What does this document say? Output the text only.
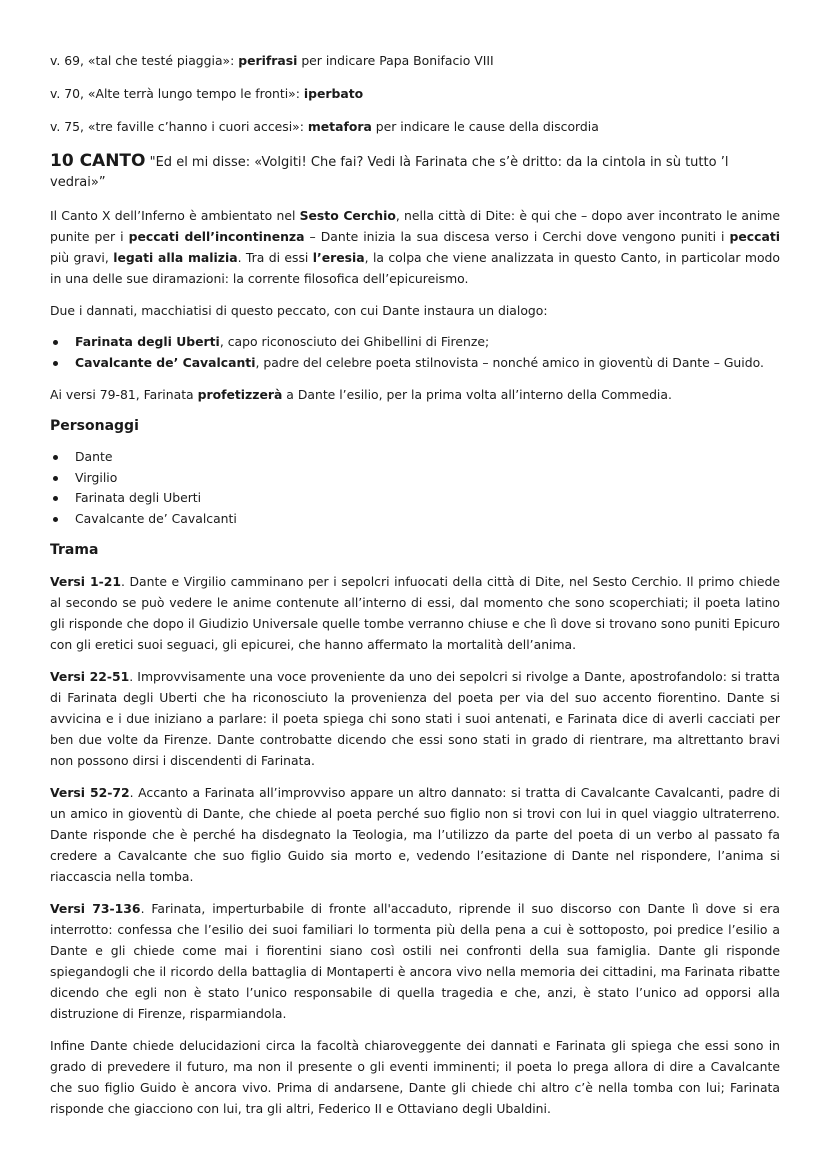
v. 69, «tal che testé piaggia»: perifrasi per indicare Papa Bonifacio VIII

v. 70, «Alte terrà lungo tempo le fronti»: iperbato

v. 75, «tre faville c’hanno i cuori accesi»: metafora per indicare le cause della discordia

10 CANTO "Ed el mi disse: «Volgiti! Che fai? Vedi là Farinata che s’è dritto: da la cintola in sù tutto ’l vedrai»”

Il Canto X dell’Inferno è ambientato nel Sesto Cerchio, nella città di Dite: è qui che – dopo aver incontrato le anime punite per i peccati dell’incontinenza – Dante inizia la sua discesa verso i Cerchi dove vengono puniti i peccati più gravi, legati alla malizia. Tra di essi l’eresia, la colpa che viene analizzata in questo Canto, in particolar modo in una delle sue diramazioni: la corrente filosofica dell’epicureismo.

Due i dannati, macchiatisi di questo peccato, con cui Dante instaura un dialogo:

Farinata degli Uberti, capo riconosciuto dei Ghibellini di Firenze;
Cavalcante de’ Cavalcanti, padre del celebre poeta stilnovista – nonché amico in gioventù di Dante – Guido.

Ai versi 79-81, Farinata profetizzerà a Dante l’esilio, per la prima volta all’interno della Commedia.

Personaggi
Dante
Virgilio
Farinata degli Uberti
Cavalcante de’ Cavalcanti
Trama

Versi 1-21. Dante e Virgilio camminano per i sepolcri infuocati della città di Dite, nel Sesto Cerchio. Il primo chiede al secondo se può vedere le anime contenute all’interno di essi, dal momento che sono scoperchiati; il poeta latino gli risponde che dopo il Giudizio Universale quelle tombe verranno chiuse e che lì dove si trovano sono puniti Epicuro con gli eretici suoi seguaci, gli epicurei, che hanno affermato la mortalità dell’anima.

Versi 22-51. Improvvisamente una voce proveniente da uno dei sepolcri si rivolge a Dante, apostrofandolo: si tratta di Farinata degli Uberti che ha riconosciuto la provenienza del poeta per via del suo accento fiorentino. Dante si avvicina e i due iniziano a parlare: il poeta spiega chi sono stati i suoi antenati, e Farinata dice di averli cacciati per ben due volte da Firenze. Dante controbatte dicendo che essi sono stati in grado di rientrare, ma altrettanto bravi non possono dirsi i discendenti di Farinata.

Versi 52-72. Accanto a Farinata all’improvviso appare un altro dannato: si tratta di Cavalcante Cavalcanti, padre di un amico in gioventù di Dante, che chiede al poeta perché suo figlio non si trovi con lui in quel viaggio ultraterreno. Dante risponde che è perché ha disdegnato la Teologia, ma l’utilizzo da parte del poeta di un verbo al passato fa credere a Cavalcante che suo figlio Guido sia morto e, vedendo l’esitazione di Dante nel rispondere, l’anima si riaccascia nella tomba.

Versi 73-136. Farinata, imperturbabile di fronte all'accaduto, riprende il suo discorso con Dante lì dove si era interrotto: confessa che l’esilio dei suoi familiari lo tormenta più della pena a cui è sottoposto, poi predice l’esilio a Dante e gli chiede come mai i fiorentini siano così ostili nei confronti della sua famiglia. Dante gli risponde spiegandogli che il ricordo della battaglia di Montaperti è ancora vivo nella memoria dei cittadini, ma Farinata ribatte dicendo che egli non è stato l’unico responsabile di quella tragedia e che, anzi, è stato l’unico ad opporsi alla distruzione di Firenze, risparmiandola.

Infine Dante chiede delucidazioni circa la facoltà chiaroveggente dei dannati e Farinata gli spiega che essi sono in grado di prevedere il futuro, ma non il presente o gli eventi imminenti; il poeta lo prega allora di dire a Cavalcante che suo figlio Guido è ancora vivo. Prima di andarsene, Dante gli chiede chi altro c’è nella tomba con lui; Farinata risponde che giacciono con lui, tra gli altri, Federico II e Ottaviano degli Ubaldini.
